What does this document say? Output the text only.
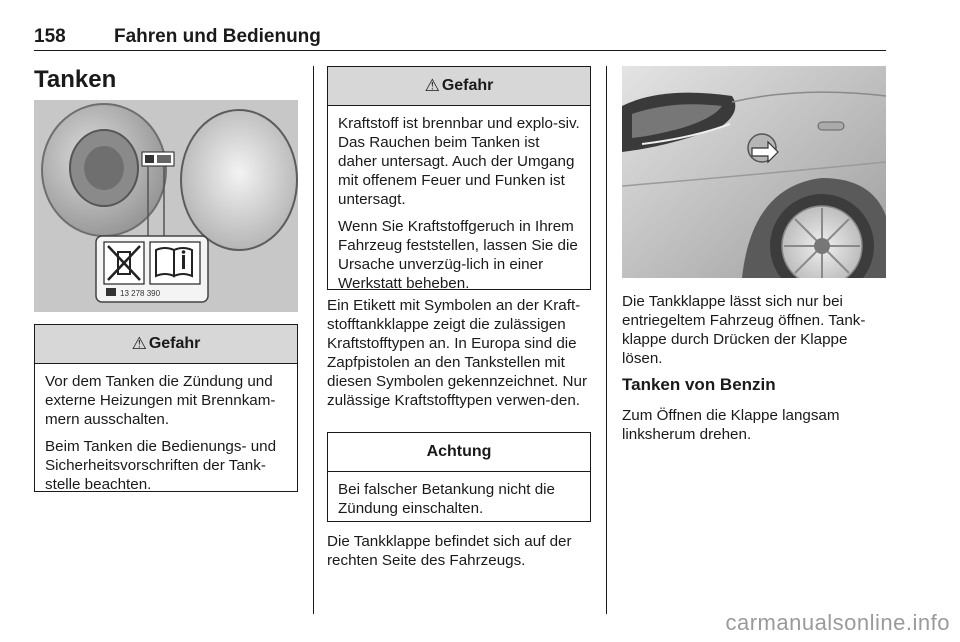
158	Fahren und Bedienung
Tanken
13 278 390
⚠ Gefahr

Vor dem Tanken die Zündung und externe Heizungen mit Brennkam-mern ausschalten.

Beim Tanken die Bedienungs- und Sicherheitsvorschriften der Tank-stelle beachten.

⚠ Gefahr

Kraftstoff ist brennbar und explo-siv. Das Rauchen beim Tanken ist daher untersagt. Auch der Umgang mit offenem Feuer und Funken ist untersagt.

Wenn Sie Kraftstoffgeruch in Ihrem Fahrzeug feststellen, lassen Sie die Ursache unverzüg-lich in einer Werkstatt beheben.

Ein Etikett mit Symbolen an der Kraft-stofftankklappe zeigt die zulässigen Kraftstofftypen an. In Europa sind die Zapfpistolen an den Tankstellen mit diesen Symbolen gekennzeichnet. Nur zulässige Kraftstofftypen verwen-den.

Achtung

Bei falscher Betankung nicht die Zündung einschalten.

Die Tankklappe befindet sich auf der rechten Seite des Fahrzeugs.

Die Tankklappe lässt sich nur bei entriegeltem Fahrzeug öffnen. Tank-klappe durch Drücken der Klappe lösen.

Tanken von Benzin

Zum Öffnen die Klappe langsam linksherum drehen.

carmanualsonline.info
